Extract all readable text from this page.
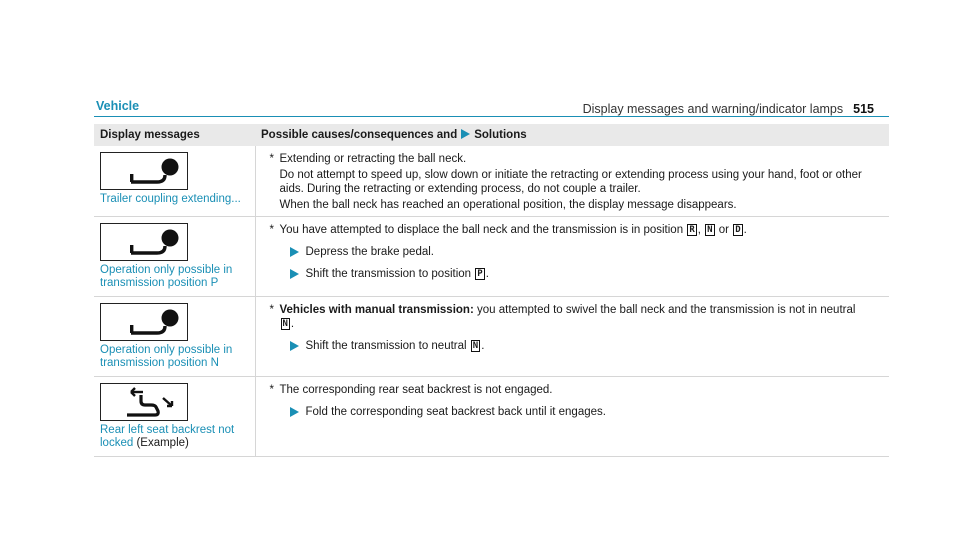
Display messages and warning/indicator lamps 515
Vehicle
Display messages	Possible causes/consequences and Solutions

Trailer coupling extending...	* Extending or retracting the ball neck.

Do not attempt to speed up, slow down or initiate the retracting or extending process using your hand, foot or other aids. During the retracting or extending process, do not couple a trailer.

When the ball neck has reached an operational position, the display message disappears.

Operation only possible in transmission position P	* You have attempted to displace the ball neck and the transmission is in position R , N or D .

Depress the brake pedal.
Shift the transmission to position P .

Operation only possible in transmission position N	* Vehicles with manual transmission: you attempted to swivel the ball neck and the transmission is not in neutral
N .

Shift the transmission to neutral N .

Rear left seat backrest not locked (Example)	* The corresponding rear seat backrest is not engaged.

Fold the corresponding seat backrest back until it engages.
